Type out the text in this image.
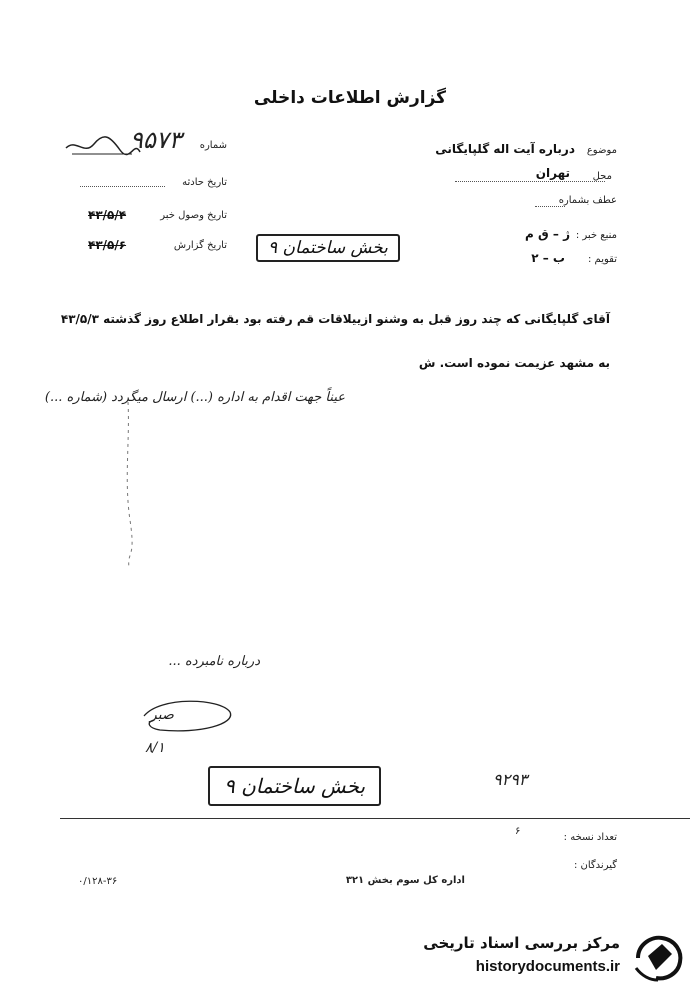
گزارش اطلاعات داخلی
موضوع
درباره آیت اله گلپایگانی
محل
تهران
عطف بشماره
منبع خبر :
ژ – ق م
تقویم :
ب – ۲
شماره
۹۵۷۳
تاریخ حادثه
تاریخ وصول خبر
۴۳/۵/۴
تاریخ گزارش
۴۳/۵/۶	بخش ساختمان ۹
آقای گلپایگانی که چند روز قبل به وشنو ازییلاقات قم رفته بود بقرار اطلاع روز گذشته ۴۳/۵/۳
به مشهد عزیمت نموده است. ش
عیناً جهت اقدام به اداره (...) ارسال میگردد (شماره ...)
درباره نامبرده ...
صبر
۸/۱
بخش ساختمان ۹	۹۲۹۳
تعداد نسخه :
۶
گیرندگان :
اداره کل سوم بخش ۳۲۱
۰/۱۲۸-۳۶
مرکز بررسی اسناد تاریخی
historydocuments.ir
